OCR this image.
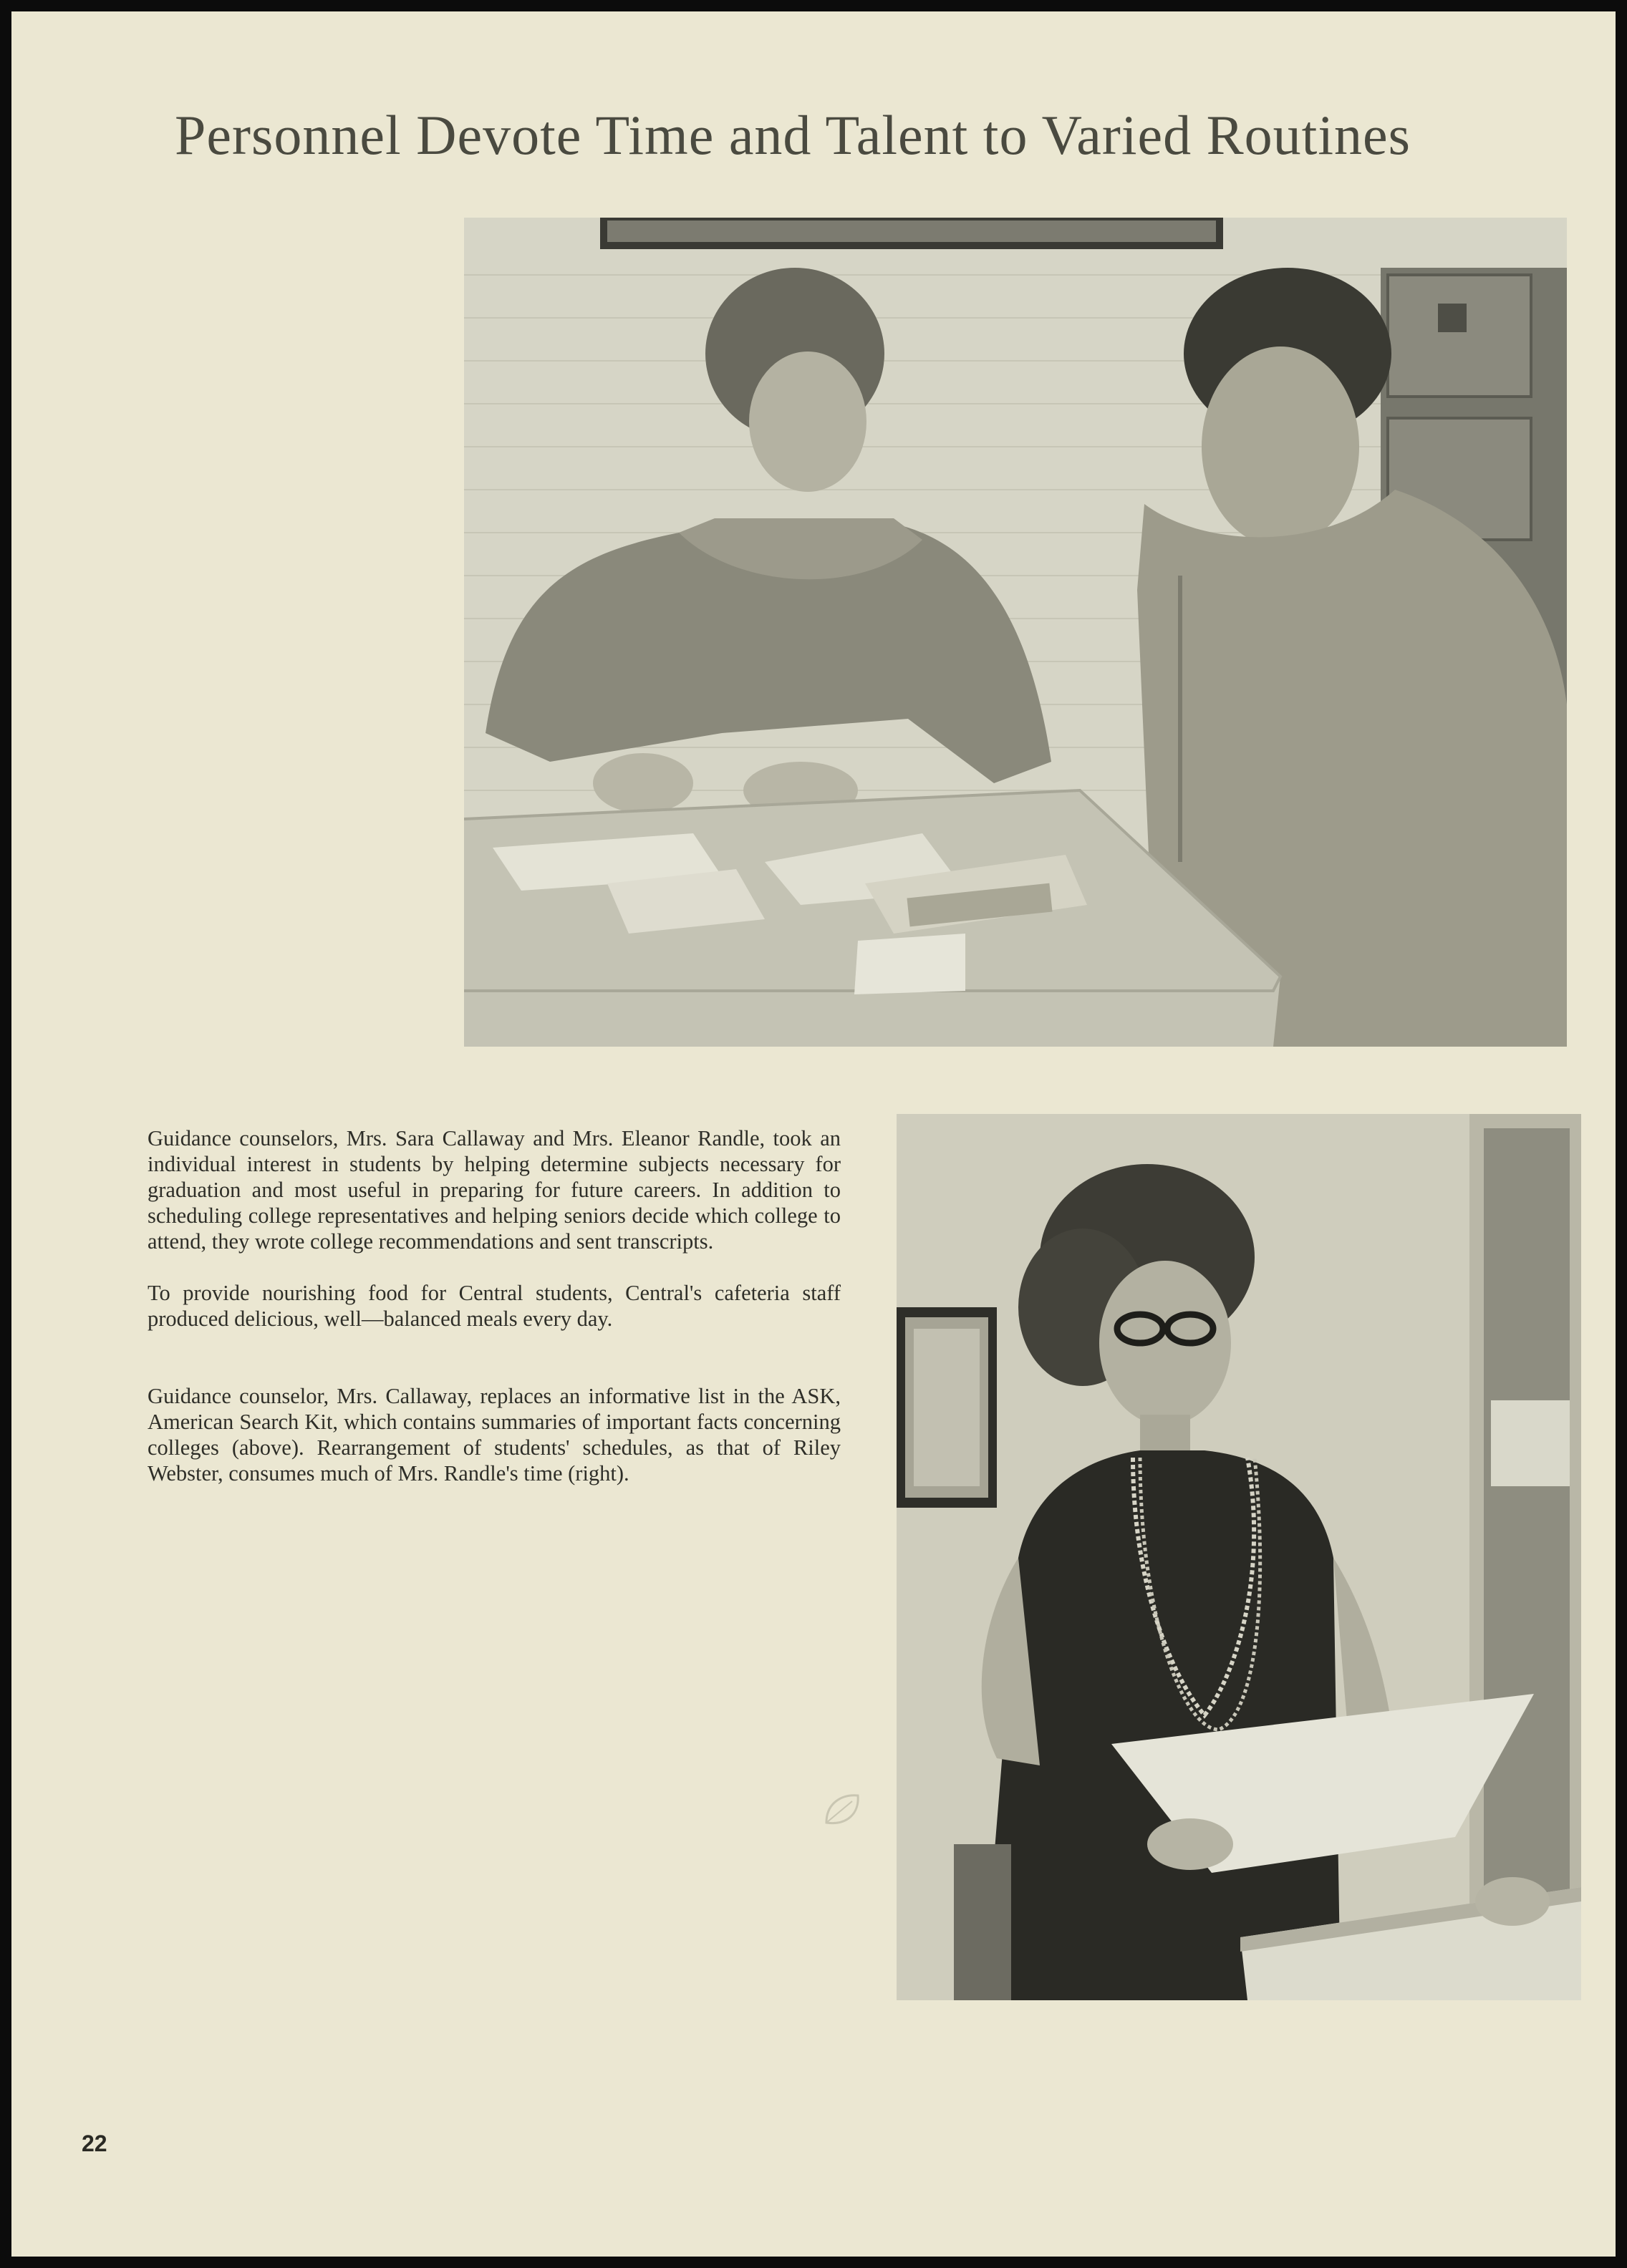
Personnel Devote Time and Talent to Varied Routines

Guidance counselors, Mrs. Sara Callaway and Mrs. Eleanor Randle, took an individual interest in students by helping determine subjects necessary for graduation and most useful in preparing for future careers. In addition to scheduling college representatives and helping seniors decide which college to attend, they wrote college recommendations and sent transcripts.

To provide nourishing food for Central students, Central's cafeteria staff produced delicious, well—balanced meals every day.

Guidance counselor, Mrs. Callaway, replaces an informative list in the ASK, American Search Kit, which contains summaries of important facts concerning colleges (above). Rearrangement of students' schedules, as that of Riley Webster, consumes much of Mrs. Randle's time (right).

22
